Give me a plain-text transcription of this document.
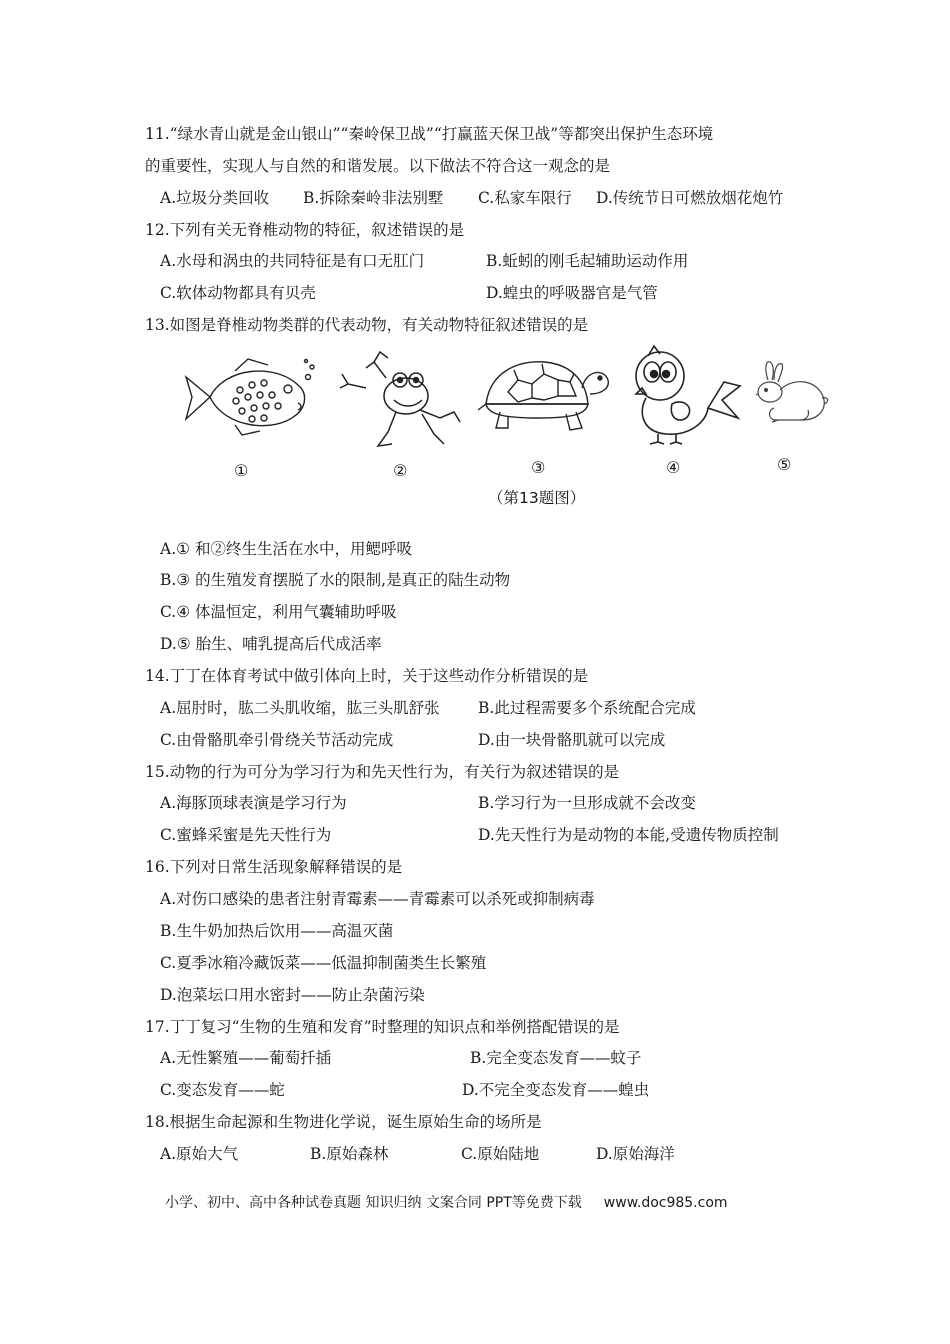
11.“绿水青山就是金山银山”“秦岭保卫战”“打赢蓝天保卫战”等都突出保护生态环境
的重要性，实现人与自然的和谐发展。以下做法不符合这一观念的是
A.垃圾分类回收 B.拆除秦岭非法别墅 C.私家车限行 D.传统节日可燃放烟花炮竹
12.下列有关无脊椎动物的特征，叙述错误的是
A.水母和涡虫的共同特征是有口无肛门	B.蚯蚓的刚毛起辅助运动作用
C.软体动物都具有贝壳	D.蝗虫的呼吸器官是气管
13.如图是脊椎动物类群的代表动物，有关动物特征叙述错误的是
①	②	③	④	⑤
（第13题图）
A.① 和②终生生活在水中，用鳃呼吸
B.③ 的生殖发育摆脱了水的限制,是真正的陆生动物
C.④ 体温恒定，利用气囊辅助呼吸
D.⑤ 胎生、哺乳提高后代成活率
14.丁丁在体育考试中做引体向上时，关于这些动作分析错误的是
A.屈肘时，肱二头肌收缩，肱三头肌舒张 B.此过程需要多个系统配合完成
C.由骨骼肌牵引骨绕关节活动完成	D.由一块骨骼肌就可以完成
15.动物的行为可分为学习行为和先天性行为，有关行为叙述错误的是
A.海豚顶球表演是学习行为	B.学习行为一旦形成就不会改变
C.蜜蜂采蜜是先天性行为	D.先天性行为是动物的本能,受遗传物质控制
16.下列对日常生活现象解释错误的是
A.对伤口感染的患者注射青霉素——青霉素可以杀死或抑制病毒
B.生牛奶加热后饮用——高温灭菌
C.夏季冰箱冷藏饭菜——低温抑制菌类生长繁殖
D.泡菜坛口用水密封——防止杂菌污染
17.丁丁复习“生物的生殖和发育”时整理的知识点和举例搭配错误的是
A.无性繁殖——葡萄扦插	B.完全变态发育——蚊子
C.变态发育——蛇	D.不完全变态发育——蝗虫
18.根据生命起源和生物进化学说，诞生原始生命的场所是
A.原始大气	B.原始森林	C.原始陆地	D.原始海洋
小学、初中、高中各种试卷真题 知识归纳 文案合同 PPT等免费下载 www.doc985.com
